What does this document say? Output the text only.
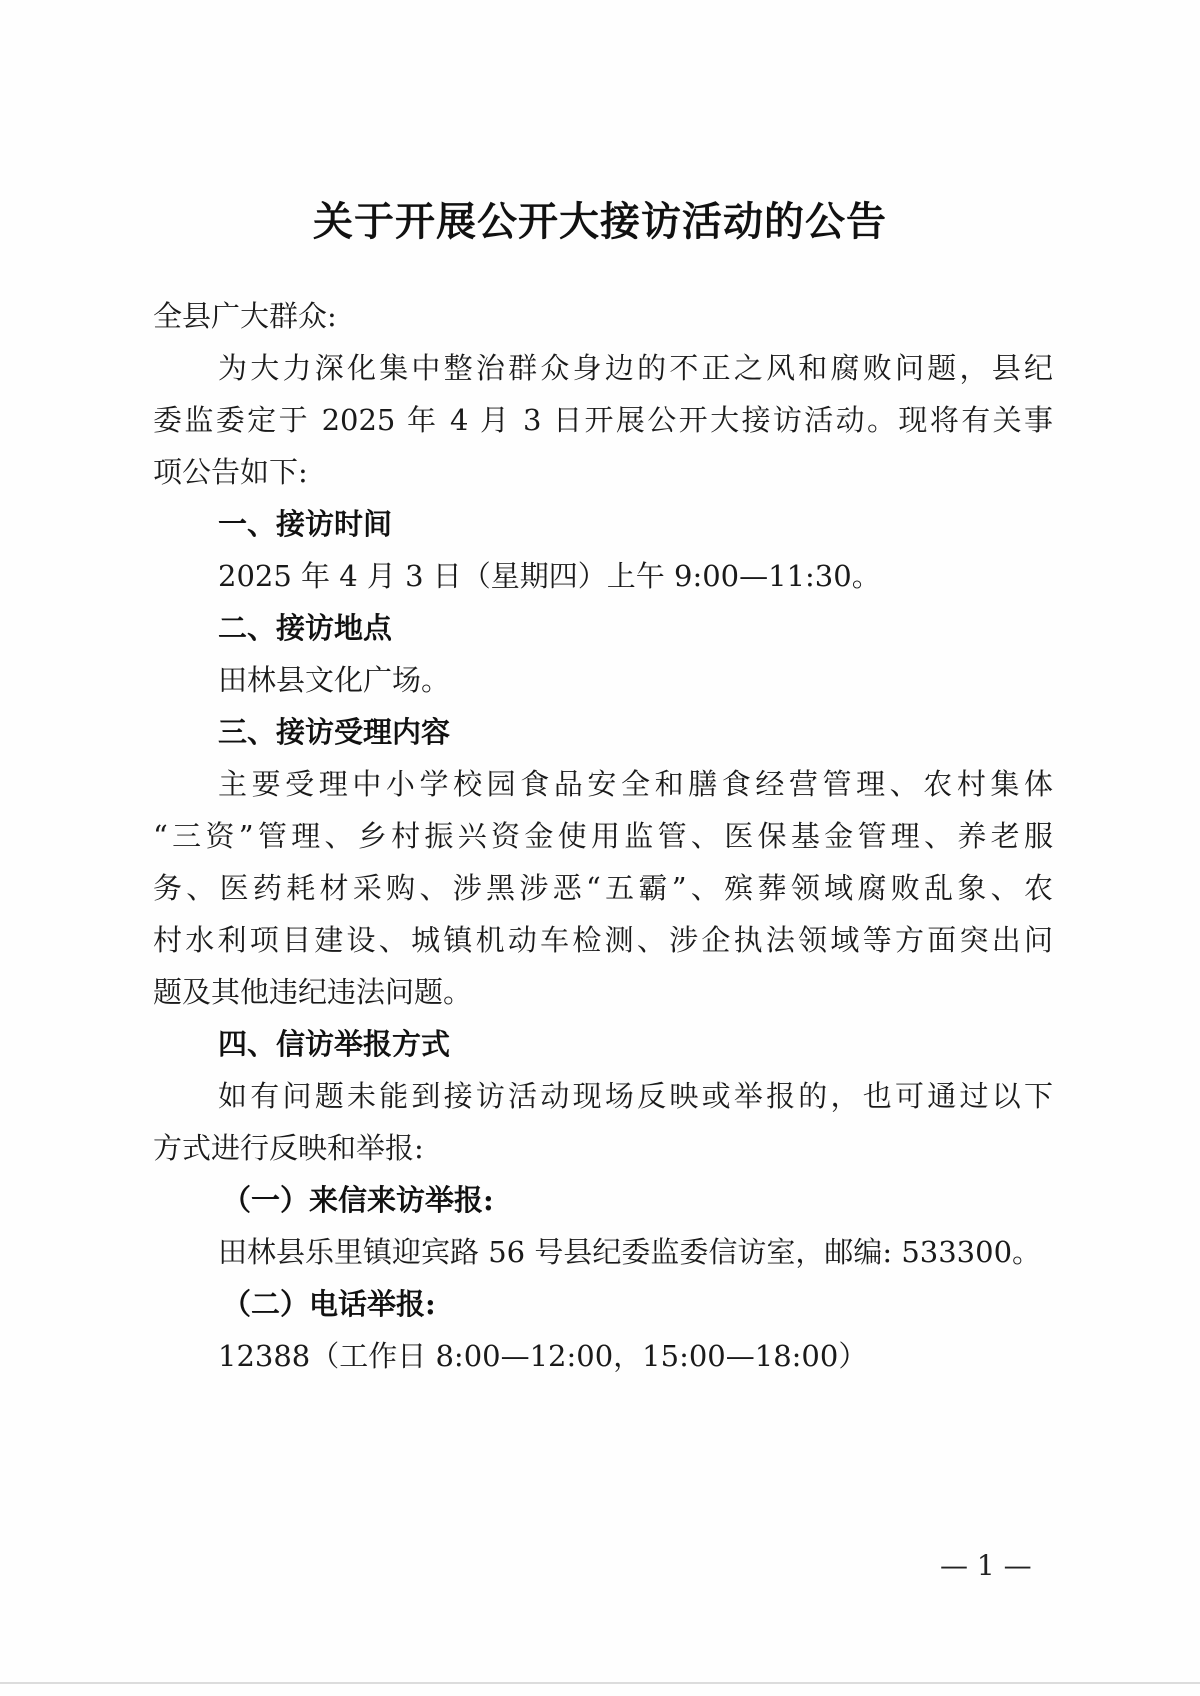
关于开展公开大接访活动的公告
全县广大群众:
为大力深化集中整治群众身边的不正之风和腐败问题，县纪
委监委定于 2025 年 4 月 3 日开展公开大接访活动。现将有关事
项公告如下:
一、接访时间
2025 年 4 月 3 日（星期四）上午 9:00—11:30。
二、接访地点
田林县文化广场。
三、接访受理内容
主要受理中小学校园食品安全和膳食经营管理、农村集体
“三资”管理、乡村振兴资金使用监管、医保基金管理、养老服
务、医药耗材采购、涉黑涉恶“五霸”、殡葬领域腐败乱象、农
村水利项目建设、城镇机动车检测、涉企执法领域等方面突出问
题及其他违纪违法问题。
四、信访举报方式
如有问题未能到接访活动现场反映或举报的，也可通过以下
方式进行反映和举报:
（一）来信来访举报:
田林县乐里镇迎宾路 56 号县纪委监委信访室，邮编: 533300。
（二）电话举报:
12388（工作日 8:00—12:00，15:00—18:00）
— 1 —
